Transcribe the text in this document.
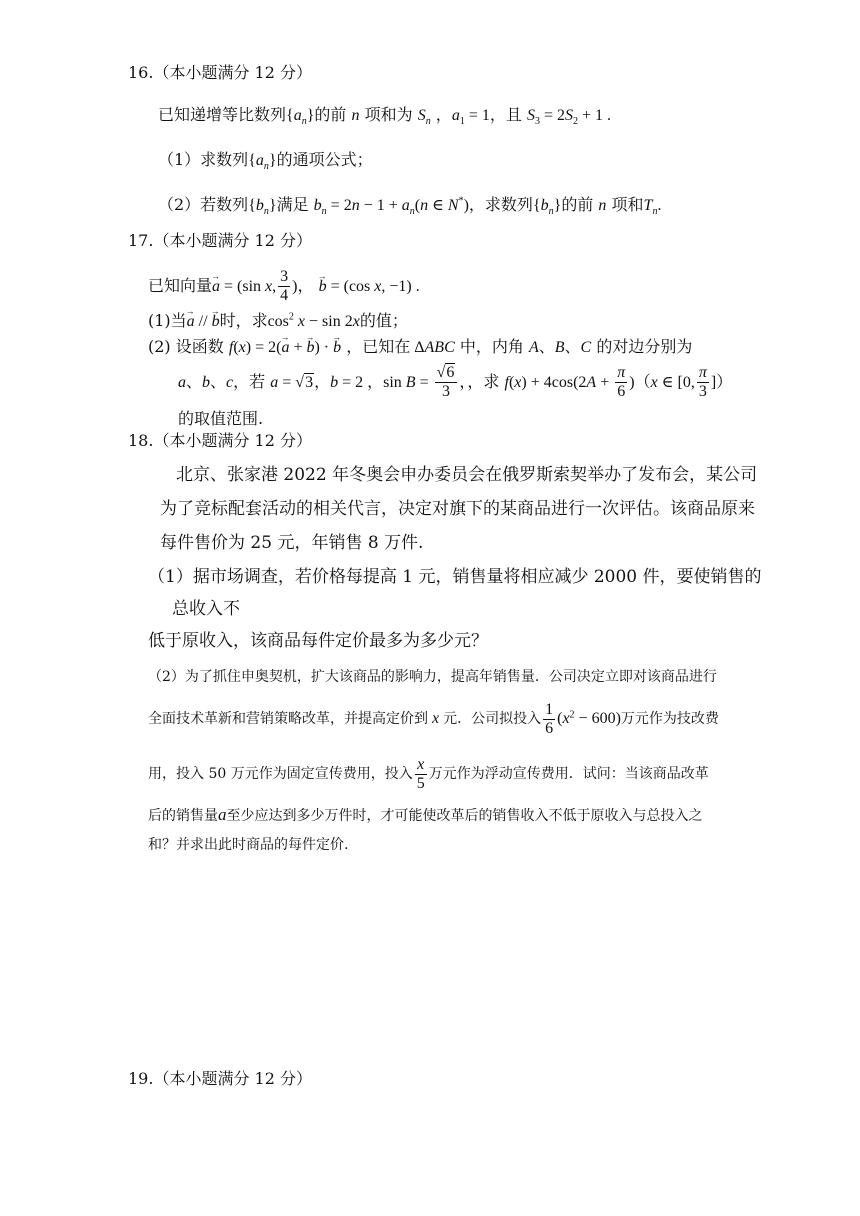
16.（本小题满分 12 分）
已知递增等比数列$\{a_n\}$的前 n 项和为 $S_n$ ，$a_1 = 1$，且 $S_3 = 2S_2 + 1$ .
（1）求数列$\{a_n\}$的通项公式；
（2）若数列$\{b_n\}$满足 $b_n = 2n - 1 + a_n(n$ ∈ N*)，求数列$\{b_n\}$的前 n 项和$T_n$.
17.（本小题满分 12 分）
已知向量→ a = (sin x, $\frac{3}{4}$ )， → b = (cos x, −1) .
(1)当→ a // → b时，求$\cos^2 x - \sin 2x$的值；
(2) 设函数 f(x) = 2(→ a + → b) · → b ，已知在 ΔABC 中，内角 A、B、C 的对边分别为
a、b、c，若 a = √3，b = 2 ，$\sin B = \frac{√6}{3}$ ，，求 $f(x) + 4\cos(2A + \frac{\pi}{6} )(x$ ∈ [0, $\frac{\pi}{3}$ ]）
的取值范围.
18.（本小题满分 12 分）
北京、张家港 2022 年冬奥会申办委员会在俄罗斯索契举办了发布会，某公司
为了竞标配套活动的相关代言，决定对旗下的某商品进行一次评估。该商品原来
每件售价为 25 元，年销售 8 万件.
（1）据市场调查，若价格每提高 1 元，销售量将相应减少 2000 件，要使销售的
总收入不
低于原收入，该商品每件定价最多为多少元？
（2）为了抓住申奥契机，扩大该商品的影响力，提高年销售量．公司决定立即对该商品进行
全面技术革新和营销策略改革，并提高定价到 x 元．公司拟投入 $\frac{1}{6} (x^2 - 600)$万元作为技改费
用，投入 50 万元作为固定宣传费用，投入 $\frac{x}{5}$ 万元作为浮动宣传费用．试问：当该商品改革
后的销售量a至少应达到多少万件时，才可能使改革后的销售收入不低于原收入与总投入之
和？并求出此时商品的每件定价.
19.（本小题满分 12 分）
